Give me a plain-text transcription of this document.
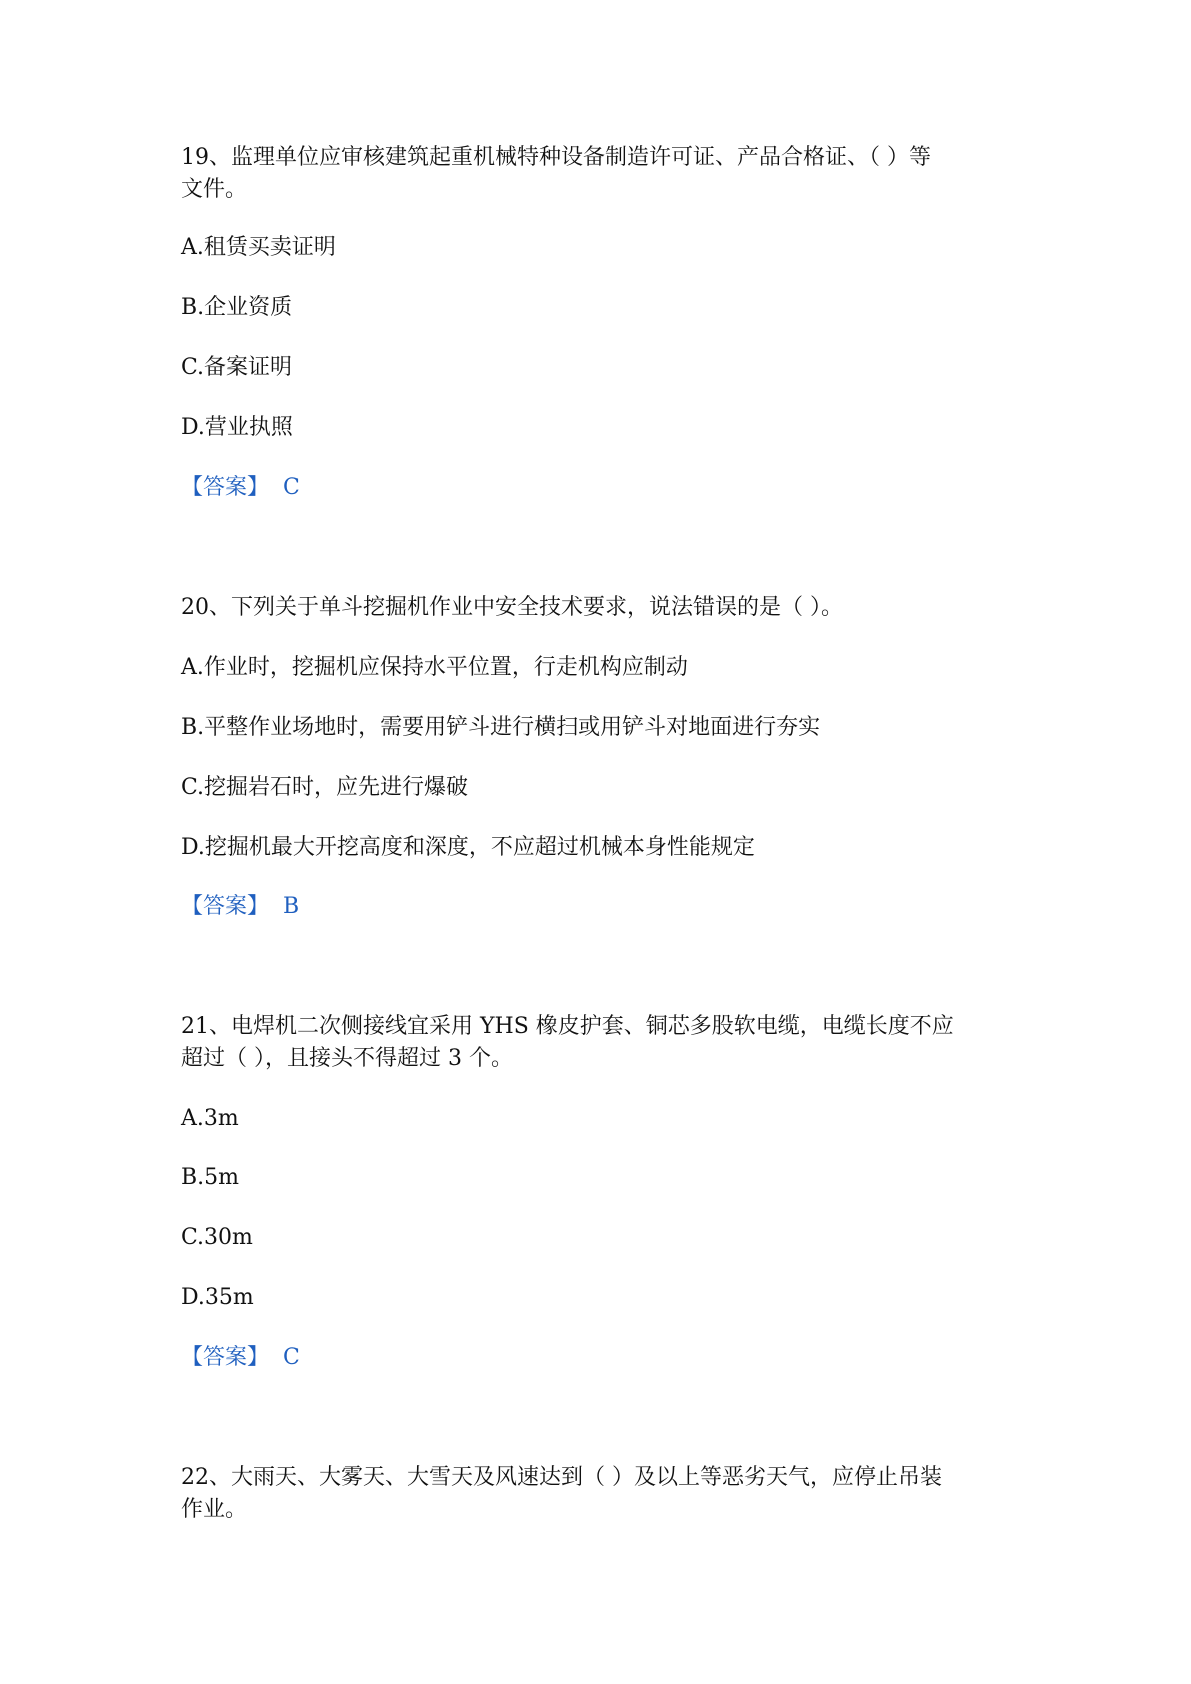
19、监理单位应审核建筑起重机械特种设备制造许可证、产品合格证、（ ）等

文件。

A.租赁买卖证明

B.企业资质

C.备案证明

D.营业执照

【答案】 C

20、下列关于单斗挖掘机作业中安全技术要求，说法错误的是（ ）。

A.作业时，挖掘机应保持水平位置，行走机构应制动

B.平整作业场地时，需要用铲斗进行横扫或用铲斗对地面进行夯实

C.挖掘岩石时，应先进行爆破

D.挖掘机最大开挖高度和深度，不应超过机械本身性能规定

【答案】 B

21、电焊机二次侧接线宜采用 YHS 橡皮护套、铜芯多股软电缆，电缆长度不应

超过（ ），且接头不得超过 3 个。

A.3m

B.5m

C.30m

D.35m

【答案】 C

22、大雨天、大雾天、大雪天及风速达到（ ）及以上等恶劣天气，应停止吊装

作业。
